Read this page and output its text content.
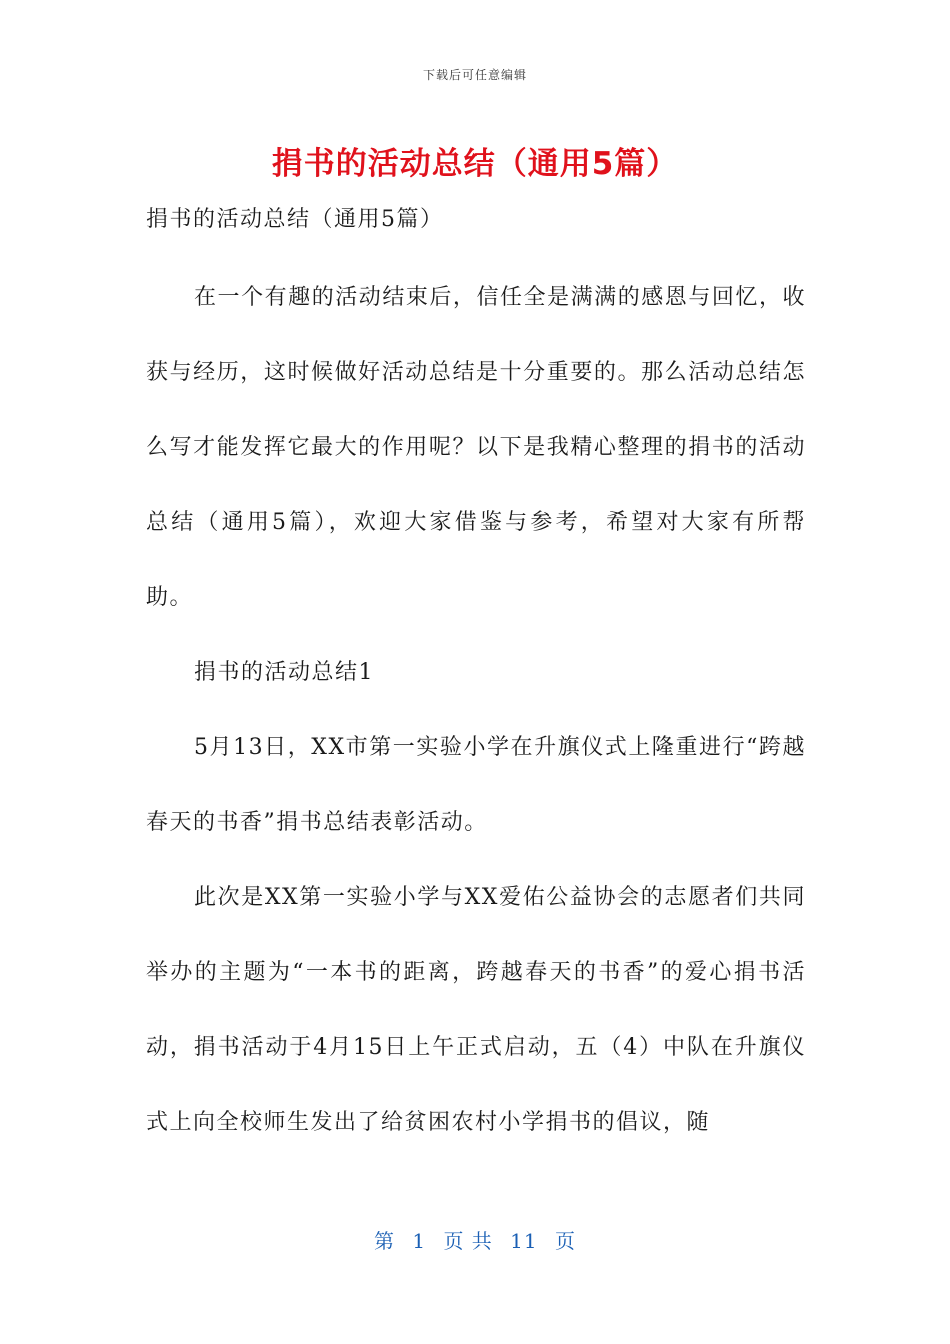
下载后可任意编辑
捐书的活动总结（通用5篇）

捐书的活动总结（通用5篇）

在一个有趣的活动结束后，信任全是满满的感恩与回忆，收获与经历，这时候做好活动总结是十分重要的。那么活动总结怎么写才能发挥它最大的作用呢？以下是我精心整理的捐书的活动总结（通用5篇），欢迎大家借鉴与参考，希望对大家有所帮助。

捐书的活动总结1

5月13日，XX市第一实验小学在升旗仪式上隆重进行“跨越春天的书香”捐书总结表彰活动。

此次是XX第一实验小学与XX爱佑公益协会的志愿者们共同举办的主题为“一本书的距离，跨越春天的书香”的爱心捐书活动，捐书活动于4月15日上午正式启动，五（4）中队在升旗仪式上向全校师生发出了给贫困农村小学捐书的倡议，随

第 1 页 共 11 页
